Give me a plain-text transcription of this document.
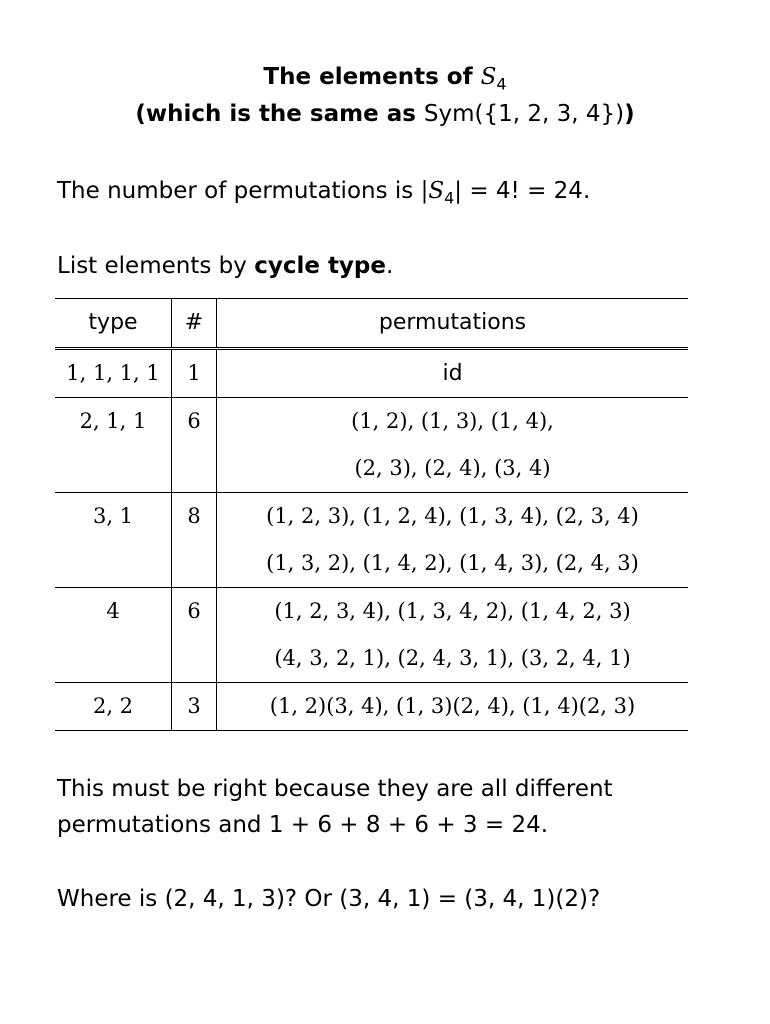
The elements of $S_4$
(which is the same as Sym({1, 2, 3, 4}))
The number of permutations is $|S_4| = 4$! = 24.
List elements by cycle type.
type	#	permutations

1, 1, 1, 1	1	id

2, 1, 1	6	(1, 2), (1, 3), (1, 4),
(2, 3), (2, 4), (3, 4)

3, 1	8	(1, 2, 3), (1, 2, 4), (1, 3, 4), (2, 3, 4)
(1, 3, 2), (1, 4, 2), (1, 4, 3), (2, 4, 3)

4	6	(1, 2, 3, 4), (1, 3, 4, 2), (1, 4, 2, 3)
(4, 3, 2, 1), (2, 4, 3, 1), (3, 2, 4, 1)

2, 2	3	(1, 2)(3, 4), (1, 3)(2, 4), (1, 4)(2, 3)
This must be right because they are all different
permutations and 1 + 6 + 8 + 6 + 3 = 24.
Where is (2, 4, 1, 3)? Or (3, 4, 1) = (3, 4, 1)(2)?
